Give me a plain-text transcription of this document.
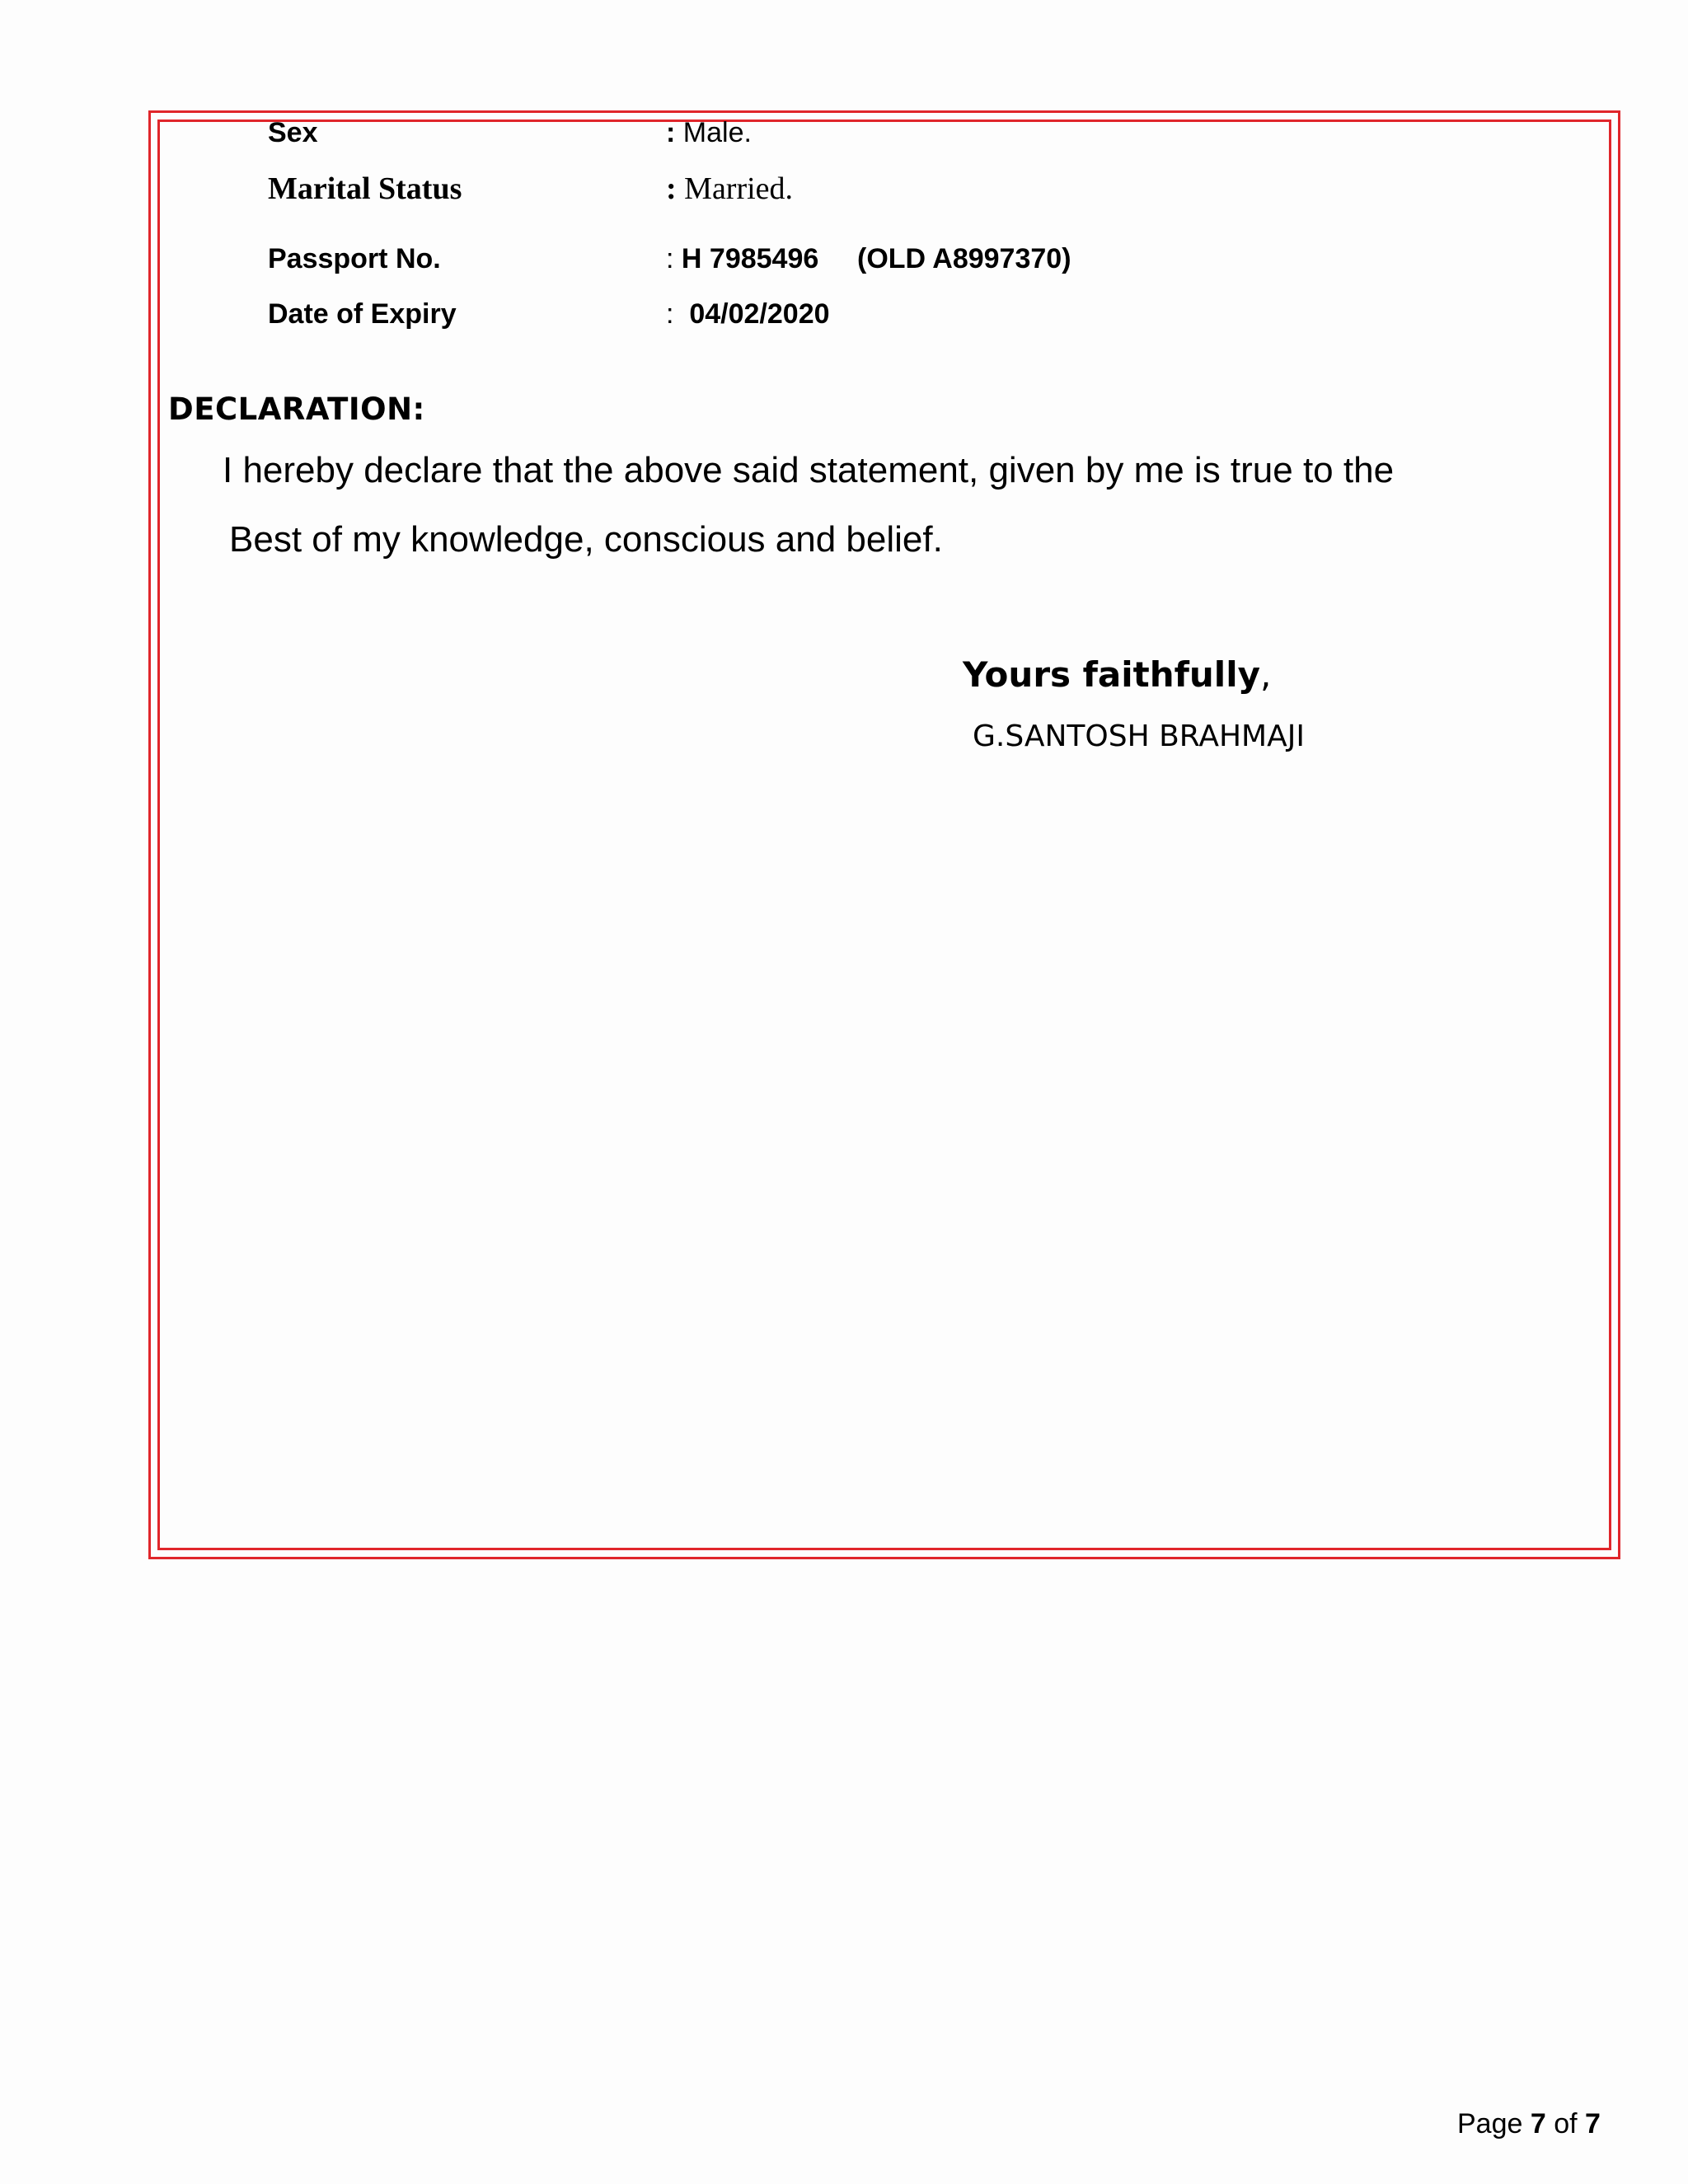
Sex	: Male.
Marital Status	: Married.
Passport No.	: H 7985496 (OLD A8997370)
Date of Expiry	:  04/02/2020
DECLARATION:
I hereby declare that the above said statement, given by me is true to the
Best of my knowledge, conscious and belief.
Yours faithfully,
G.SANTOSH BRAHMAJI
Page 7 of 7
